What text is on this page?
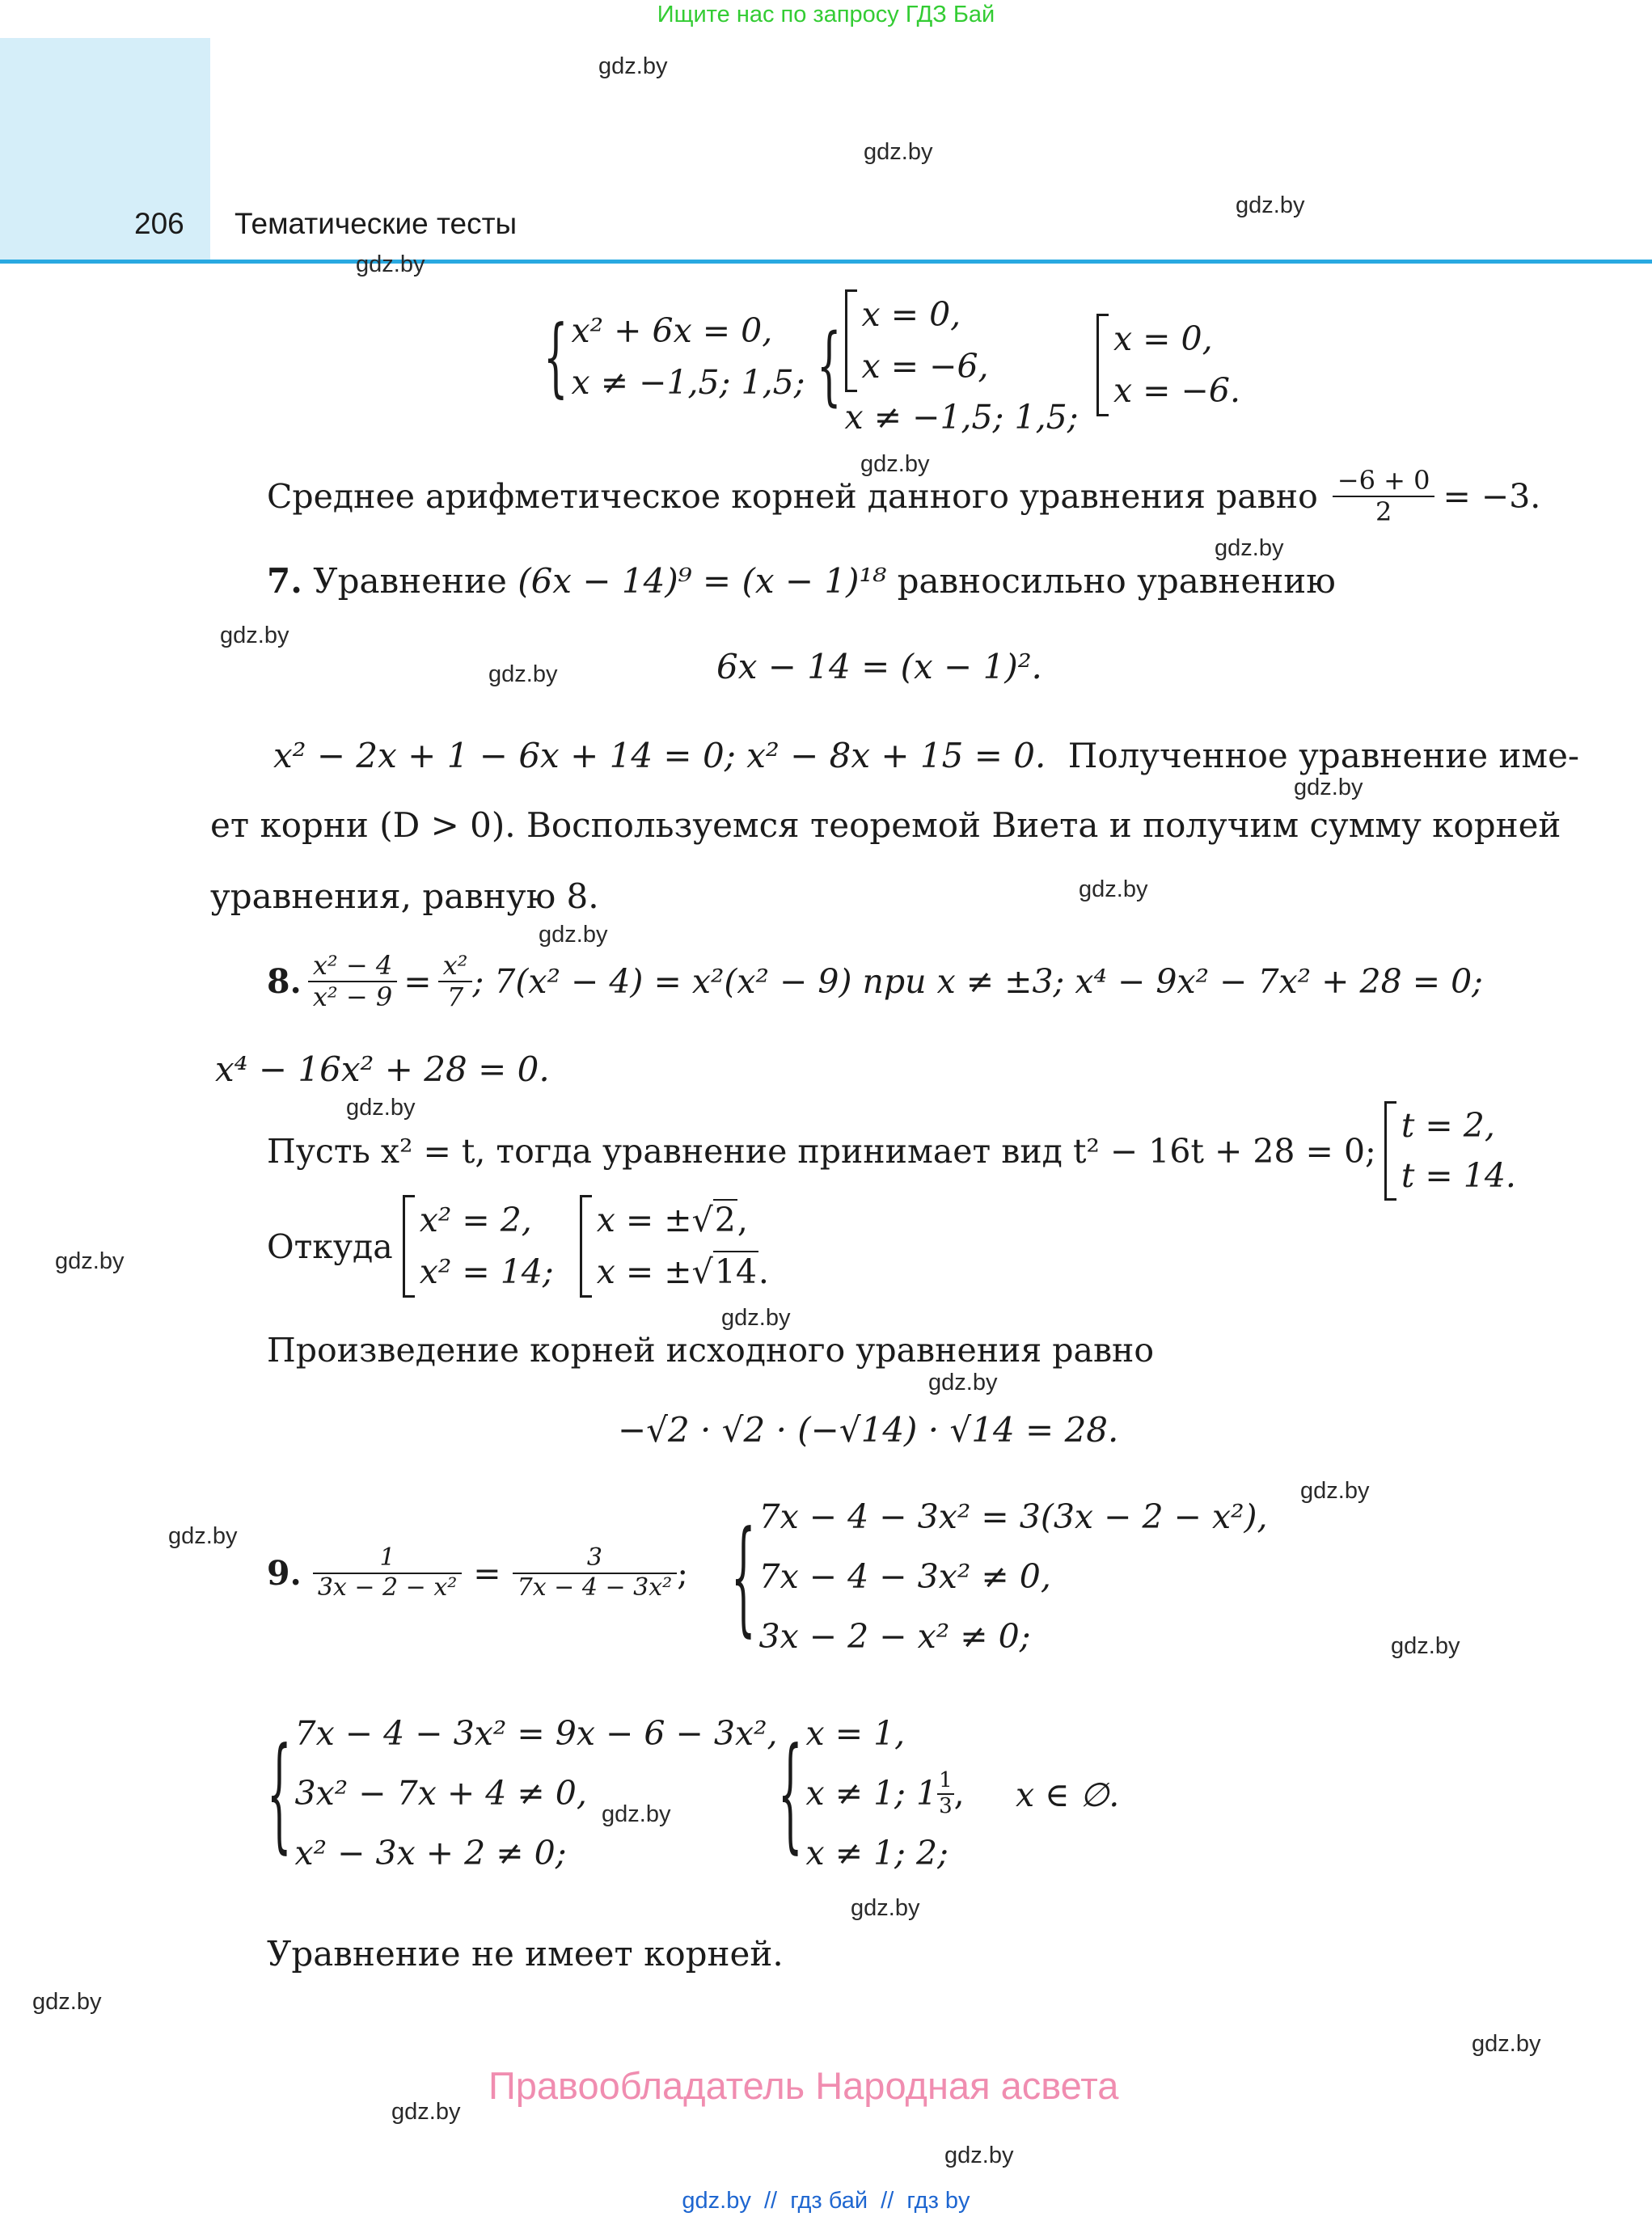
Ищите нас по запросу ГДЗ Бай
206 Тематические тесты
gdz.by
gdz.by
gdz.by
gdz.by
gdz.by
gdz.by
gdz.by
gdz.by
gdz.by
gdz.by
gdz.by
gdz.by
gdz.by
gdz.by
gdz.by
gdz.by
gdz.by
gdz.by
gdz.by
gdz.by
gdz.by
gdz.by
gdz.by
gdz.by
{ x² + 6x = 0,
x ≠ −1,5; 1,5; {
x = 0,
x = −6,
x ≠ −1,5; 1,5;
x = 0,
x = −6.
Среднее арифметическое корней данного уравнения равно $\frac{-6 + 0}{2} = -3$.
7. Уравнение (6x − 14)⁹ = (x − 1)¹⁸ равносильно уравнению
6x − 14 = (x − 1)².
x² − 2x + 1 − 6x + 14 = 0; x² − 8x + 15 = 0. Полученное уравнение име-
ет корни (D > 0). Воспользуемся теоремой Виета и получим сумму корней
уравнения, равную 8.
8. $\frac{\text{x² − 4}}{\text{x² − 9}} = \frac{\text{x²}}{7}$ ; 7(x² − 4) = x²(x² − 9) при x ≠ ±3; x⁴ − 9x² − 7x² + 28 = 0;
x⁴ − 16x² + 28 = 0.
Пусть x² = t, тогда уравнение принимает вид t² − 16t + 28 = 0;
t = 2,
t = 14.
Откуда
x² = 2,
x² = 14;
x = ±√2,
x = ±√14.
Произведение корней исходного уравнения равно
−√2 · √2 · (−√14) · √14 = 28.
9. $\frac{1}{\text{3x − 2 − x²}} = \frac{3}{\text{7x − 4 − 3x²}}$ ; { 7x − 4 − 3x² = 3(3x − 2 − x²),
7x − 4 − 3x² ≠ 0,
3x − 2 − x² ≠ 0;
{ 7x − 4 − 3x² = 9x − 6 − 3x²,
3x² − 7x + 4 ≠ 0,
x² − 3x + 2 ≠ 0;	{ x = 1,
x ≠ 1; $1 \frac{1}{3}$ ,
x ≠ 1; 2;
x ∈ ∅.
Уравнение не имеет корней.
Правообладатель Народная асвета
gdz.by  //  гдз бай  //  гдз by
